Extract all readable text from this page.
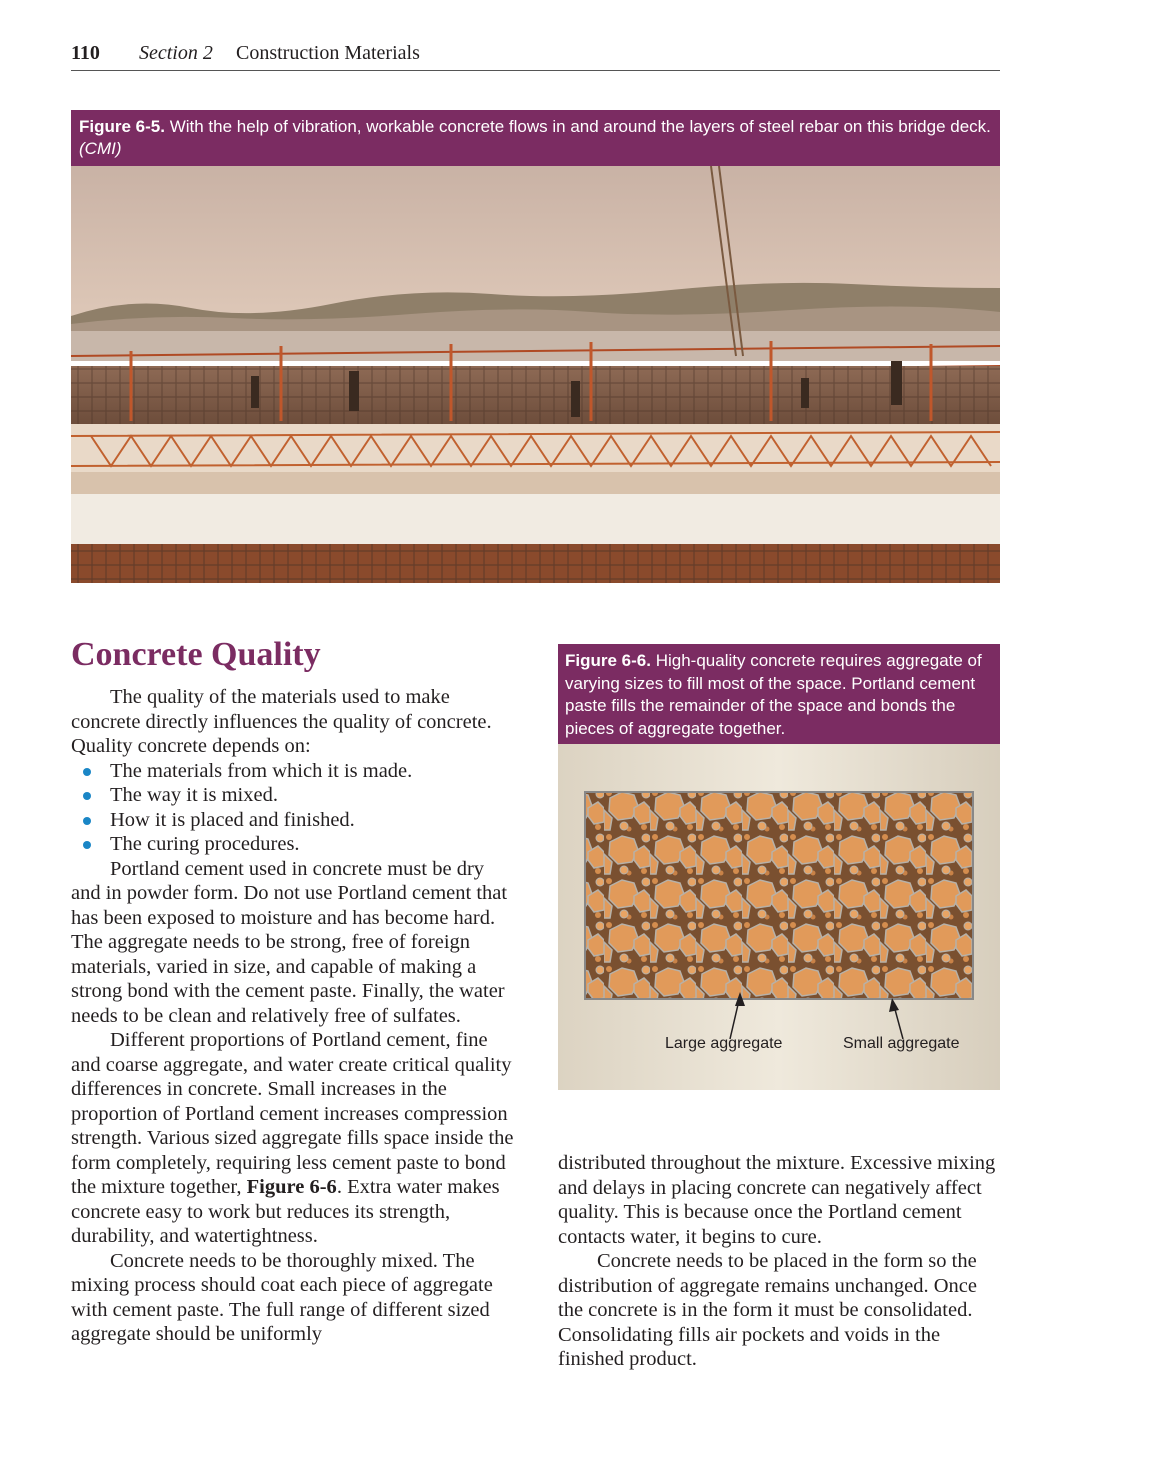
110 Section 2 Construction Materials
Figure 6-5. With the help of vibration, workable concrete flows in and around the layers of steel rebar on this bridge deck. (CMI)
Concrete Quality

The quality of the materials used to make concrete directly influences the quality of concrete. Quality concrete depends on:

The materials from which it is made.
The way it is mixed.
How it is placed and finished.
The curing procedures.

Portland cement used in concrete must be dry and in powder form. Do not use Portland cement that has been exposed to moisture and has become hard. The aggregate needs to be strong, free of foreign materials, varied in size, and capable of making a strong bond with the cement paste. Finally, the water needs to be clean and relatively free of sulfates.

Different proportions of Portland cement, fine and coarse aggregate, and water create critical quality differences in concrete. Small increases in the proportion of Portland cement increases compression strength. Various sized aggregate fills space inside the form completely, requiring less cement paste to bond the mixture together, Figure 6-6. Extra water makes concrete easy to work but reduces its strength, durability, and watertightness.

Concrete needs to be thoroughly mixed. The mixing process should coat each piece of aggregate with cement paste. The full range of different sized aggregate should be uniformly

Figure 6-6. High-quality concrete requires aggregate of varying sizes to fill most of the space. Portland cement paste fills the remainder of the space and bonds the pieces of aggregate together.
Large aggregate	Small aggregate

distributed throughout the mixture. Excessive mixing and delays in placing concrete can negatively affect quality. This is because once the Portland cement contacts water, it begins to cure.

Concrete needs to be placed in the form so the distribution of aggregate remains unchanged. Once the concrete is in the form it must be consolidated. Consolidating fills air pockets and voids in the finished product.
